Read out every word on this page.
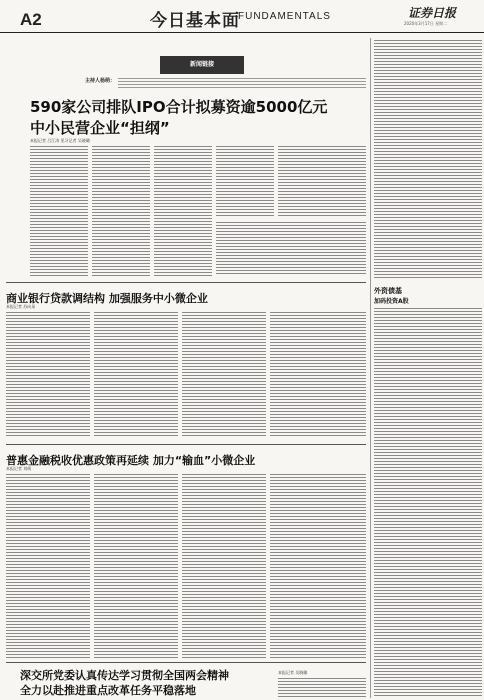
A2	今日基本面
FUNDAMENTALS	证券日报
2020年3月17日 星期二
外资债基
加码投资A股
新闻链接
主持人杨萌：
590家公司排队IPO合计拟募资逾5000亿元
中小民营企业“担纲”
本报记者 吕江涛 见习记者 吴晓璐
商业银行贷款调结构 加强服务中小微企业
本报记者 苏向杲
普惠金融税收优惠政策再延续 加力“输血”小微企业
本报记者 刘萌
深交所党委认真传达学习贯彻全国两会精神
全力以赴推进重点改革任务平稳落地
本报记者 吴晓璐
